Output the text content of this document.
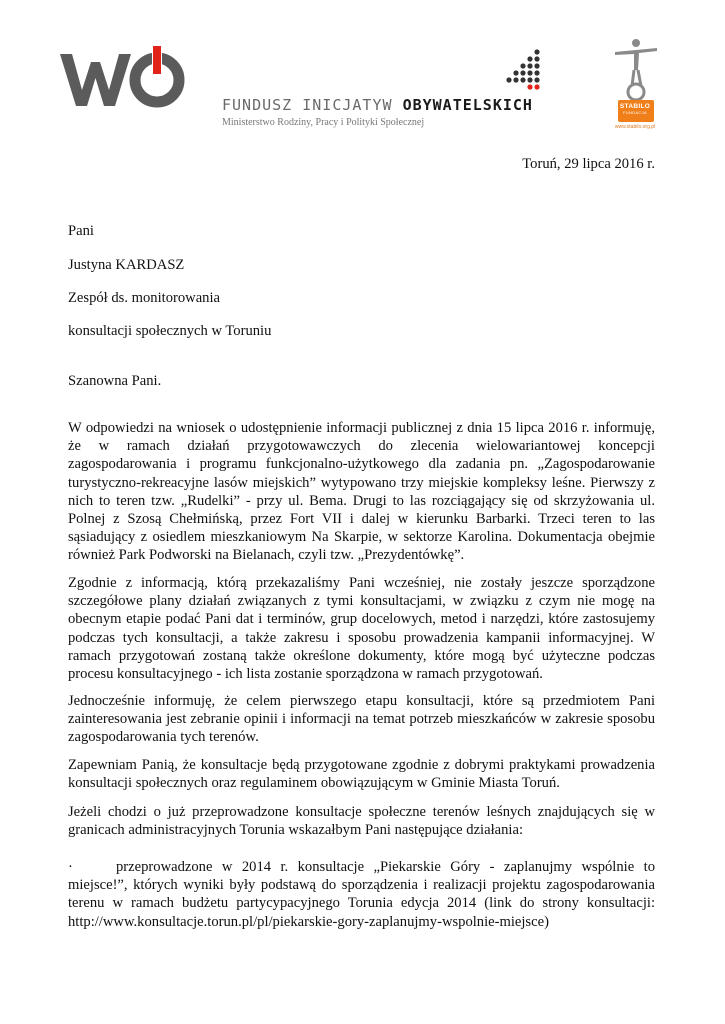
FUNDUSZ INICJATYW OBYWATELSKICH
Ministerstwo Rodziny, Pracy i Polityki Społecznej
STABILO
FUNDACJA
www.stabilo.org.pl
Toruń, 29 lipca 2016 r.
Pani
Justyna KARDASZ
Zespół ds. monitorowania
konsultacji społecznych w Toruniu
Szanowna Pani.

W odpowiedzi na wniosek o udostępnienie informacji publicznej z dnia 15 lipca 2016 r. informuję, że w ramach działań przygotowawczych do zlecenia wielowariantowej koncepcji zagospodarowania i programu funkcjonalno-użytkowego dla zadania pn. „Zagospodarowanie turystyczno-rekreacyjne lasów miejskich” wytypowano trzy miejskie kompleksy leśne. Pierwszy z nich to teren tzw. „Rudelki” - przy ul. Bema. Drugi to las rozciągający się od skrzyżowania ul. Polnej z Szosą Chełmińską, przez Fort VII i dalej w kierunku Barbarki. Trzeci teren to las sąsiadujący z osiedlem mieszkaniowym Na Skarpie, w sektorze Karolina. Dokumentacja obejmie również Park Podworski na Bielanach, czyli tzw. „Prezydentówkę”.

Zgodnie z informacją, którą przekazaliśmy Pani wcześniej, nie zostały jeszcze sporządzone szczegółowe plany działań związanych z tymi konsultacjami, w związku z czym nie mogę na obecnym etapie podać Pani dat i terminów, grup docelowych, metod i narzędzi, które zastosujemy podczas tych konsultacji, a także zakresu i sposobu prowadzenia kampanii informacyjnej. W ramach przygotowań zostaną także określone dokumenty, które mogą być użyteczne podczas procesu konsultacyjnego - ich lista zostanie sporządzona w ramach przygotowań.

Jednocześnie informuję, że celem pierwszego etapu konsultacji, które są przedmiotem Pani zainteresowania jest zebranie opinii i informacji na temat potrzeb mieszkańców w zakresie sposobu zagospodarowania tych terenów.

Zapewniam Panią, że konsultacje będą przygotowane zgodnie z dobrymi praktykami prowadzenia konsultacji społecznych oraz regulaminem obowiązującym w Gminie Miasta Toruń.

Jeżeli chodzi o już przeprowadzone konsultacje społeczne terenów leśnych znajdujących się w granicach administracyjnych Torunia wskazałbym Pani następujące działania:

·	przeprowadzone w 2014 r. konsultacje „Piekarskie Góry - zaplanujmy wspólnie to miejsce!”, których wyniki były podstawą do sporządzenia i realizacji projektu zagospodarowania terenu w ramach budżetu partycypacyjnego Torunia edycja 2014 (link do strony konsultacji: http://www.konsultacje.torun.pl/pl/piekarskie-gory-zaplanujmy-wspolnie-miejsce)
